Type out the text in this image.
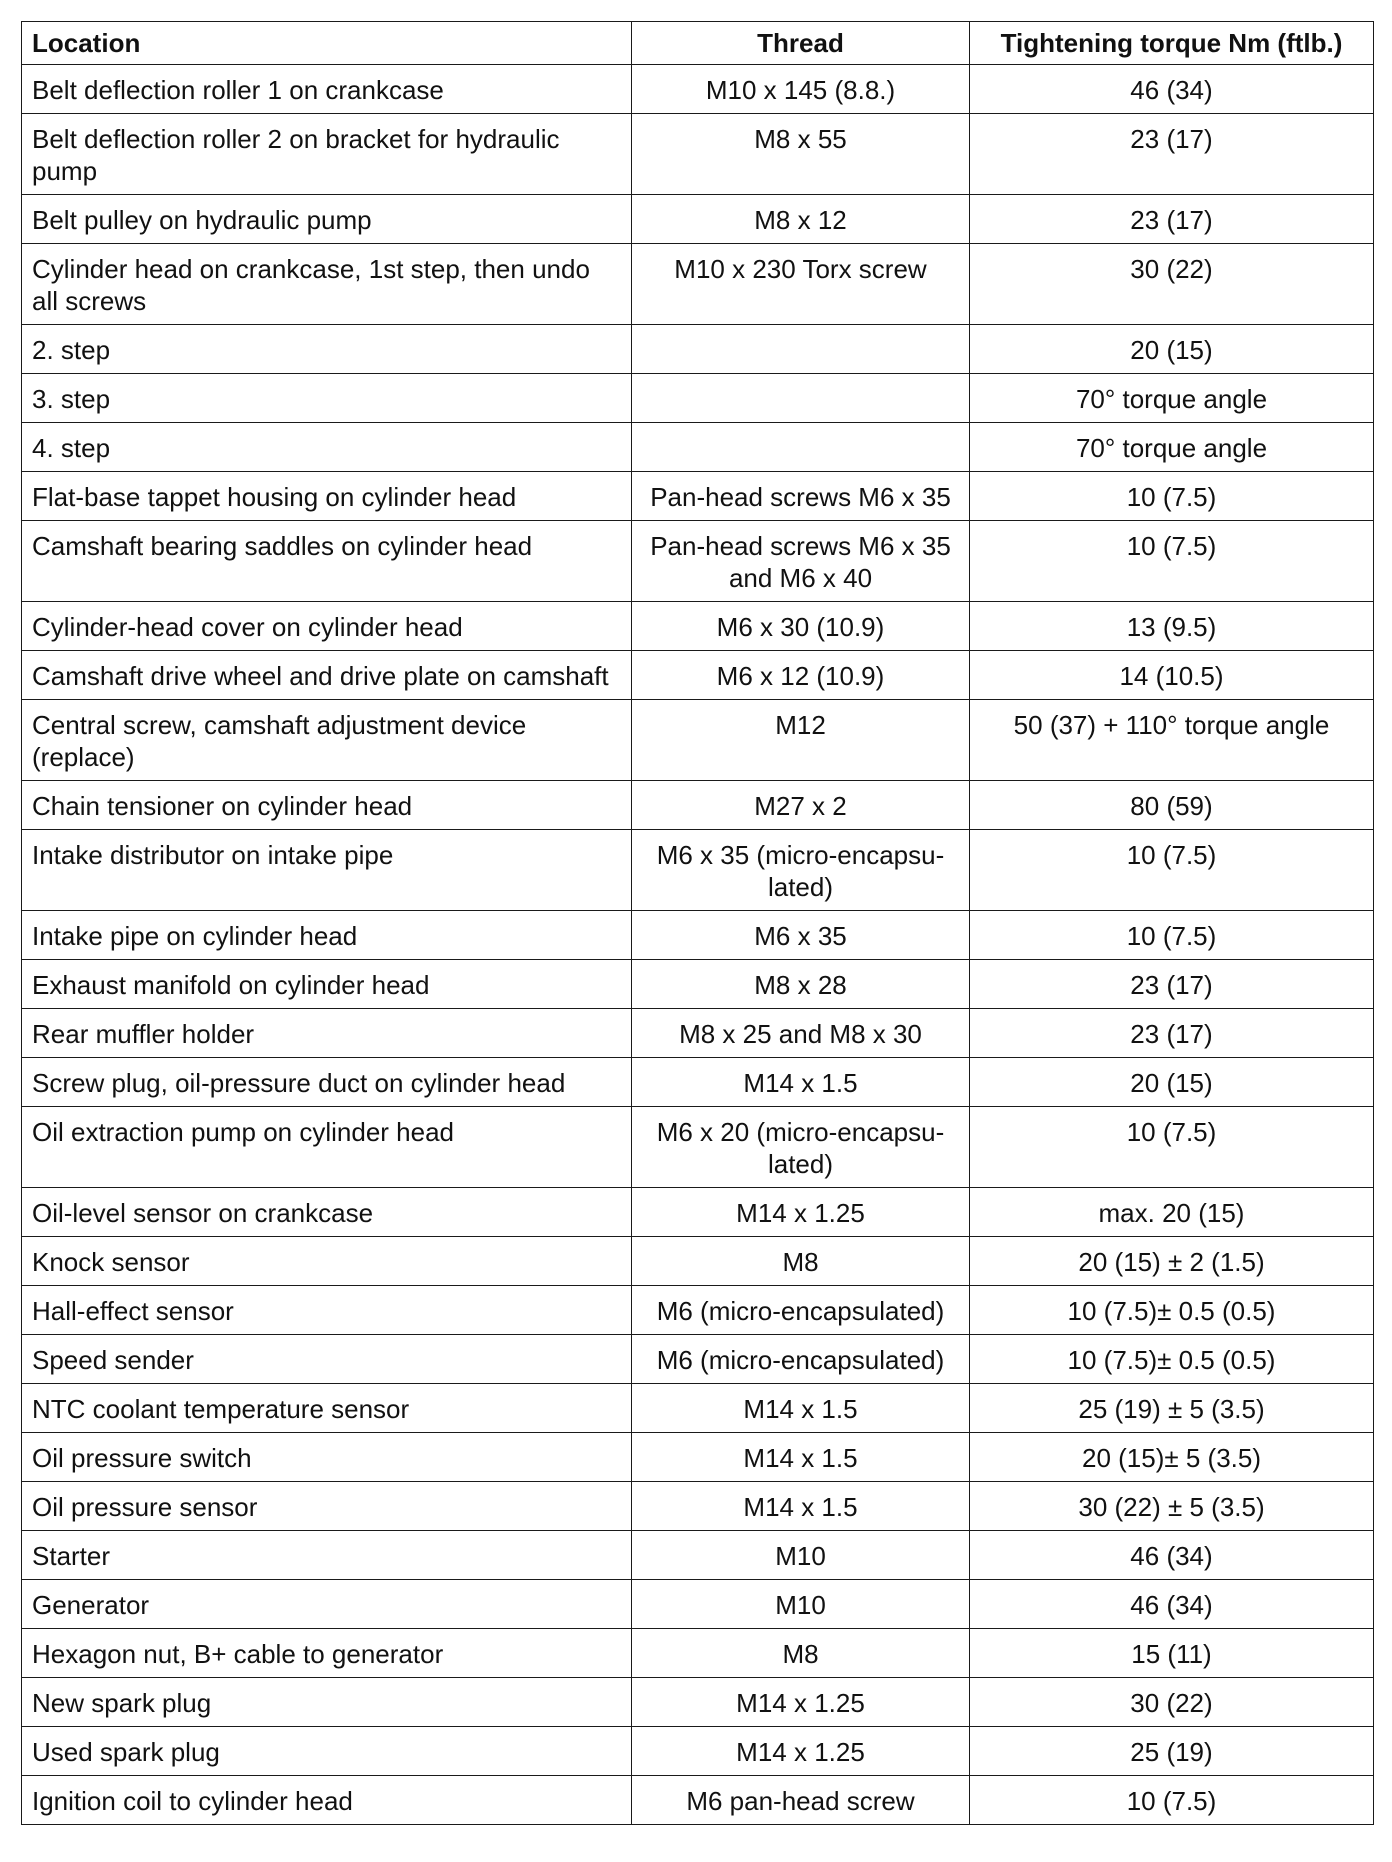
Location	Thread	Tightening torque Nm (ftlb.)
Belt deflection roller 1 on crankcase	M10 x 145 (8.8.)	46 (34)
Belt deflection roller 2 on bracket for hydraulic pump	M8 x 55	23 (17)
Belt pulley on hydraulic pump	M8 x 12	23 (17)
Cylinder head on crankcase, 1st step, then undo all screws	M10 x 230 Torx screw	30 (22)
2. step		20 (15)
3. step		70° torque angle
4. step		70° torque angle
Flat-base tappet housing on cylinder head	Pan-head screws M6 x 35	10 (7.5)
Camshaft bearing saddles on cylinder head	Pan-head screws M6 x 35 and M6 x 40	10 (7.5)
Cylinder-head cover on cylinder head	M6 x 30 (10.9)	13 (9.5)
Camshaft drive wheel and drive plate on camshaft	M6 x 12 (10.9)	14 (10.5)
Central screw, camshaft adjustment device (replace)	M12	50 (37) + 110° torque angle
Chain tensioner on cylinder head	M27 x 2	80 (59)
Intake distributor on intake pipe	M6 x 35 (micro-encapsu-lated)	10 (7.5)
Intake pipe on cylinder head	M6 x 35	10 (7.5)
Exhaust manifold on cylinder head	M8 x 28	23 (17)
Rear muffler holder	M8 x 25 and M8 x 30	23 (17)
Screw plug, oil-pressure duct on cylinder head	M14 x 1.5	20 (15)
Oil extraction pump on cylinder head	M6 x 20 (micro-encapsu-lated)	10 (7.5)
Oil-level sensor on crankcase	M14 x 1.25	max. 20 (15)
Knock sensor	M8	20 (15) ± 2 (1.5)
Hall-effect sensor	M6 (micro-encapsulated)	10 (7.5)± 0.5 (0.5)
Speed sender	M6 (micro-encapsulated)	10 (7.5)± 0.5 (0.5)
NTC coolant temperature sensor	M14 x 1.5	25 (19) ± 5 (3.5)
Oil pressure switch	M14 x 1.5	20 (15)± 5 (3.5)
Oil pressure sensor	M14 x 1.5	30 (22) ± 5 (3.5)
Starter	M10	46 (34)
Generator	M10	46 (34)
Hexagon nut, B+ cable to generator	M8	15 (11)
New spark plug	M14 x 1.25	30 (22)
Used spark plug	M14 x 1.25	25 (19)
Ignition coil to cylinder head	M6 pan-head screw	10 (7.5)
